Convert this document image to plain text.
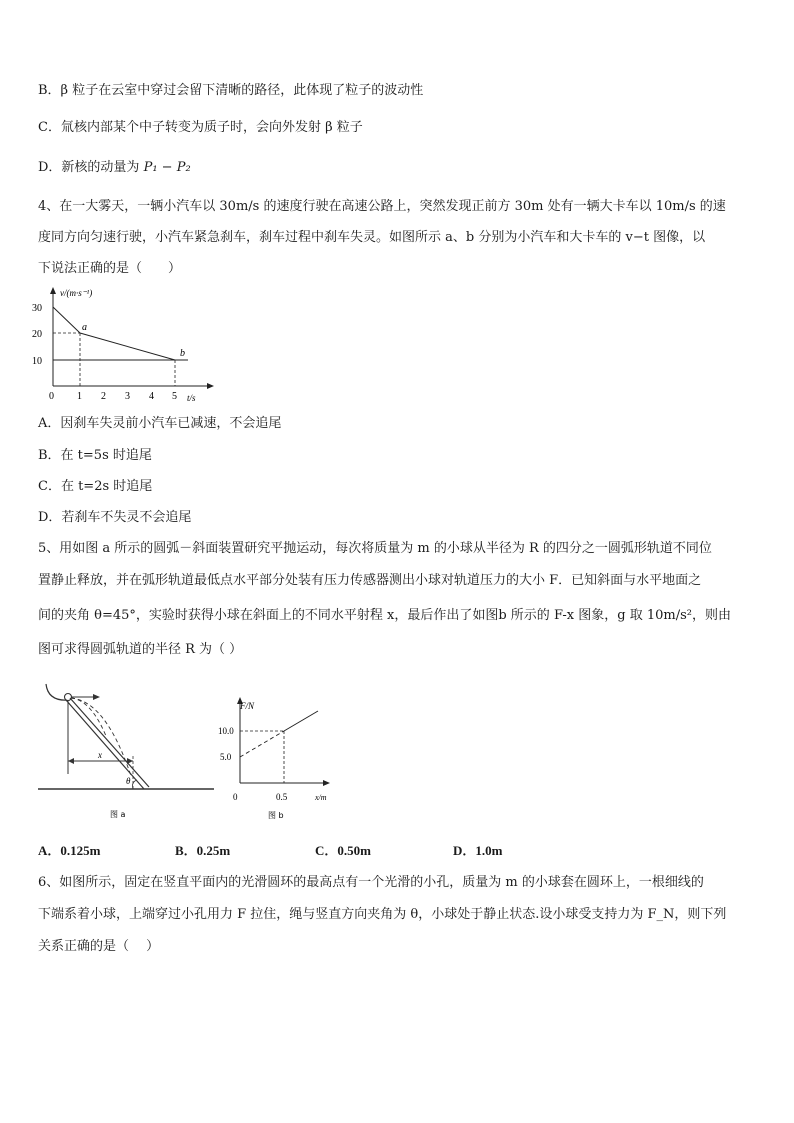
B．β 粒子在云室中穿过会留下清晰的路径，此体现了粒子的波动性
C．氚核内部某个中子转变为质子时，会向外发射 β 粒子
D．新核的动量为 P₁ − P₂
4、在一大雾天，一辆小汽车以 30m/s 的速度行驶在高速公路上，突然发现正前方 30m 处有一辆大卡车以 10m/s 的速
度同方向匀速行驶，小汽车紧急刹车，刹车过程中刹车失灵。如图所示 a、b 分别为小汽车和大卡车的 v−t 图像，以
下说法正确的是（　　）
v/(m·s⁻¹)
30
20
10
0 1 2 3 4 5 t/s
a
b
A．因刹车失灵前小汽车已减速，不会追尾
B．在 t=5s 时追尾
C．在 t=2s 时追尾
D．若刹车不失灵不会追尾
5、用如图 a 所示的圆弧－斜面装置研究平抛运动，每次将质量为 m 的小球从半径为 R 的四分之一圆弧形轨道不同位
置静止释放，并在弧形轨道最低点水平部分处装有压力传感器测出小球对轨道压力的大小 F．已知斜面与水平地面之
间的夹角 θ=45°，实验时获得小球在斜面上的不同水平射程 x，最后作出了如图b 所示的 F-x 图象，g 取 10m/s²，则由
图可求得圆弧轨道的半径 R 为（ ）
x
θ
图 a
F/N
10.0
5.0
0	0.5	x/m
图 b
A．0.125m	B．0.25m	C．0.50m	D．1.0m
6、如图所示，固定在竖直平面内的光滑圆环的最高点有一个光滑的小孔，质量为 m 的小球套在圆环上，一根细线的
下端系着小球，上端穿过小孔用力 F 拉住，绳与竖直方向夹角为 θ，小球处于静止状态.设小球受支持力为 F_N，则下列
关系正确的是（　 ）
